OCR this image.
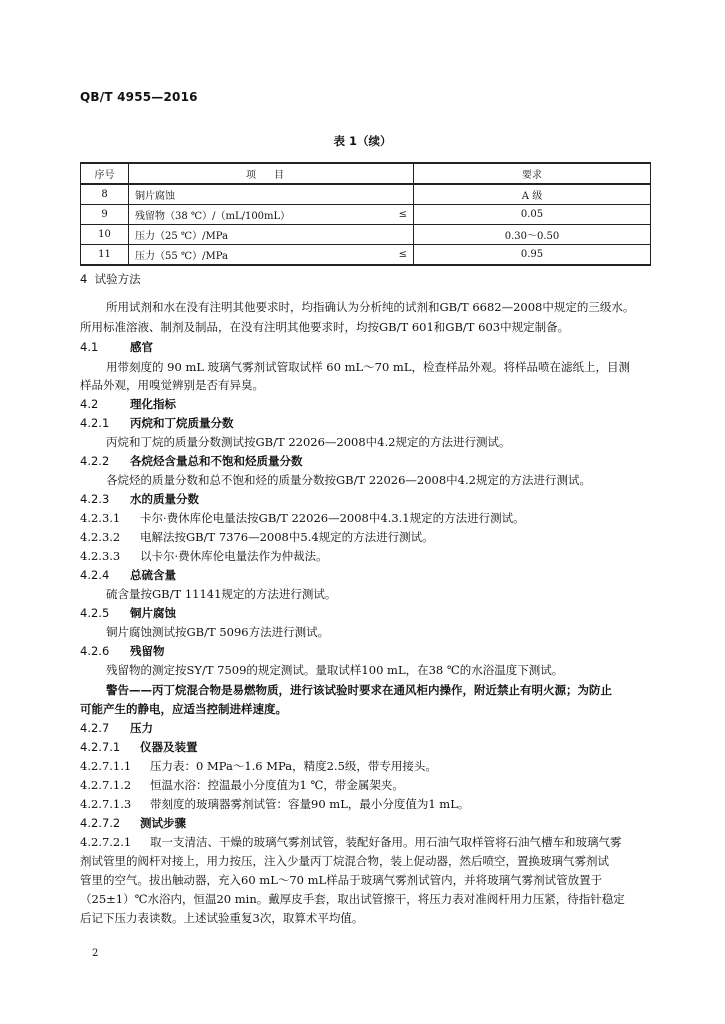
QB/T 4955—2016
表 1（续）
序号	项目		要求
8	铜片腐蚀		A 级
9	残留物（38 ℃）/（mL/100mL）	≤	0.05
10	压力（25 ℃）/MPa		0.30～0.50
11	压力（55 ℃）/MPa	≤	0.95
4 试验方法
所用试剂和水在没有注明其他要求时，均指确认为分析纯的试剂和GB/T 6682—2008中规定的三级水。
所用标准溶液、制剂及制品，在没有注明其他要求时，均按GB/T 601和GB/T 603中规定制备。
4.1	感官
用带刻度的 90 mL 玻璃气雾剂试管取试样 60 mL～70 mL，检查样品外观。将样品喷在滤纸上，目测
样品外观，用嗅觉辨别是否有异臭。
4.2	理化指标
4.2.1 丙烷和丁烷质量分数
丙烷和丁烷的质量分数测试按GB/T 22026—2008中4.2规定的方法进行测试。
4.2.2 各烷烃含量总和不饱和烃质量分数
各烷烃的质量分数和总不饱和烃的质量分数按GB/T 22026—2008中4.2规定的方法进行测试。
4.2.3 水的质量分数
4.2.3.1 卡尔·费休库伦电量法按GB/T 22026—2008中4.3.1规定的方法进行测试。
4.2.3.2 电解法按GB/T 7376—2008中5.4规定的方法进行测试。
4.2.3.3 以卡尔·费休库伦电量法作为仲裁法。
4.2.4 总硫含量
硫含量按GB/T 11141规定的方法进行测试。
4.2.5 铜片腐蚀
铜片腐蚀测试按GB/T 5096方法进行测试。
4.2.6 残留物
残留物的测定按SY/T 7509的规定测试。量取试样100 mL，在38 ℃的水浴温度下测试。
警告——丙丁烷混合物是易燃物质，进行该试验时要求在通风柜内操作，附近禁止有明火源；为防止
可能产生的静电，应适当控制进样速度。
4.2.7 压力
4.2.7.1 仪器及装置
4.2.7.1.1 压力表：0 MPa～1.6 MPa，精度2.5级，带专用接头。
4.2.7.1.2 恒温水浴：控温最小分度值为1 ℃，带金属架夹。
4.2.7.1.3 带刻度的玻璃器雾剂试管：容量90 mL，最小分度值为1 mL。
4.2.7.2 测试步骤
4.2.7.2.1 取一支清洁、干燥的玻璃气雾剂试管，装配好备用。用石油气取样管将石油气槽车和玻璃气雾
剂试管里的阀杆对接上，用力按压，注入少量丙丁烷混合物，装上促动器，然后喷空，置换玻璃气雾剂试
管里的空气。拔出触动器，充入60 mL～70 mL样品于玻璃气雾剂试管内，并将玻璃气雾剂试管放置于
（25±1）℃水浴内，恒温20 min。戴厚皮手套，取出试管擦干，将压力表对准阀杆用力压紧，待指针稳定
后记下压力表读数。上述试验重复3次，取算术平均值。
2
